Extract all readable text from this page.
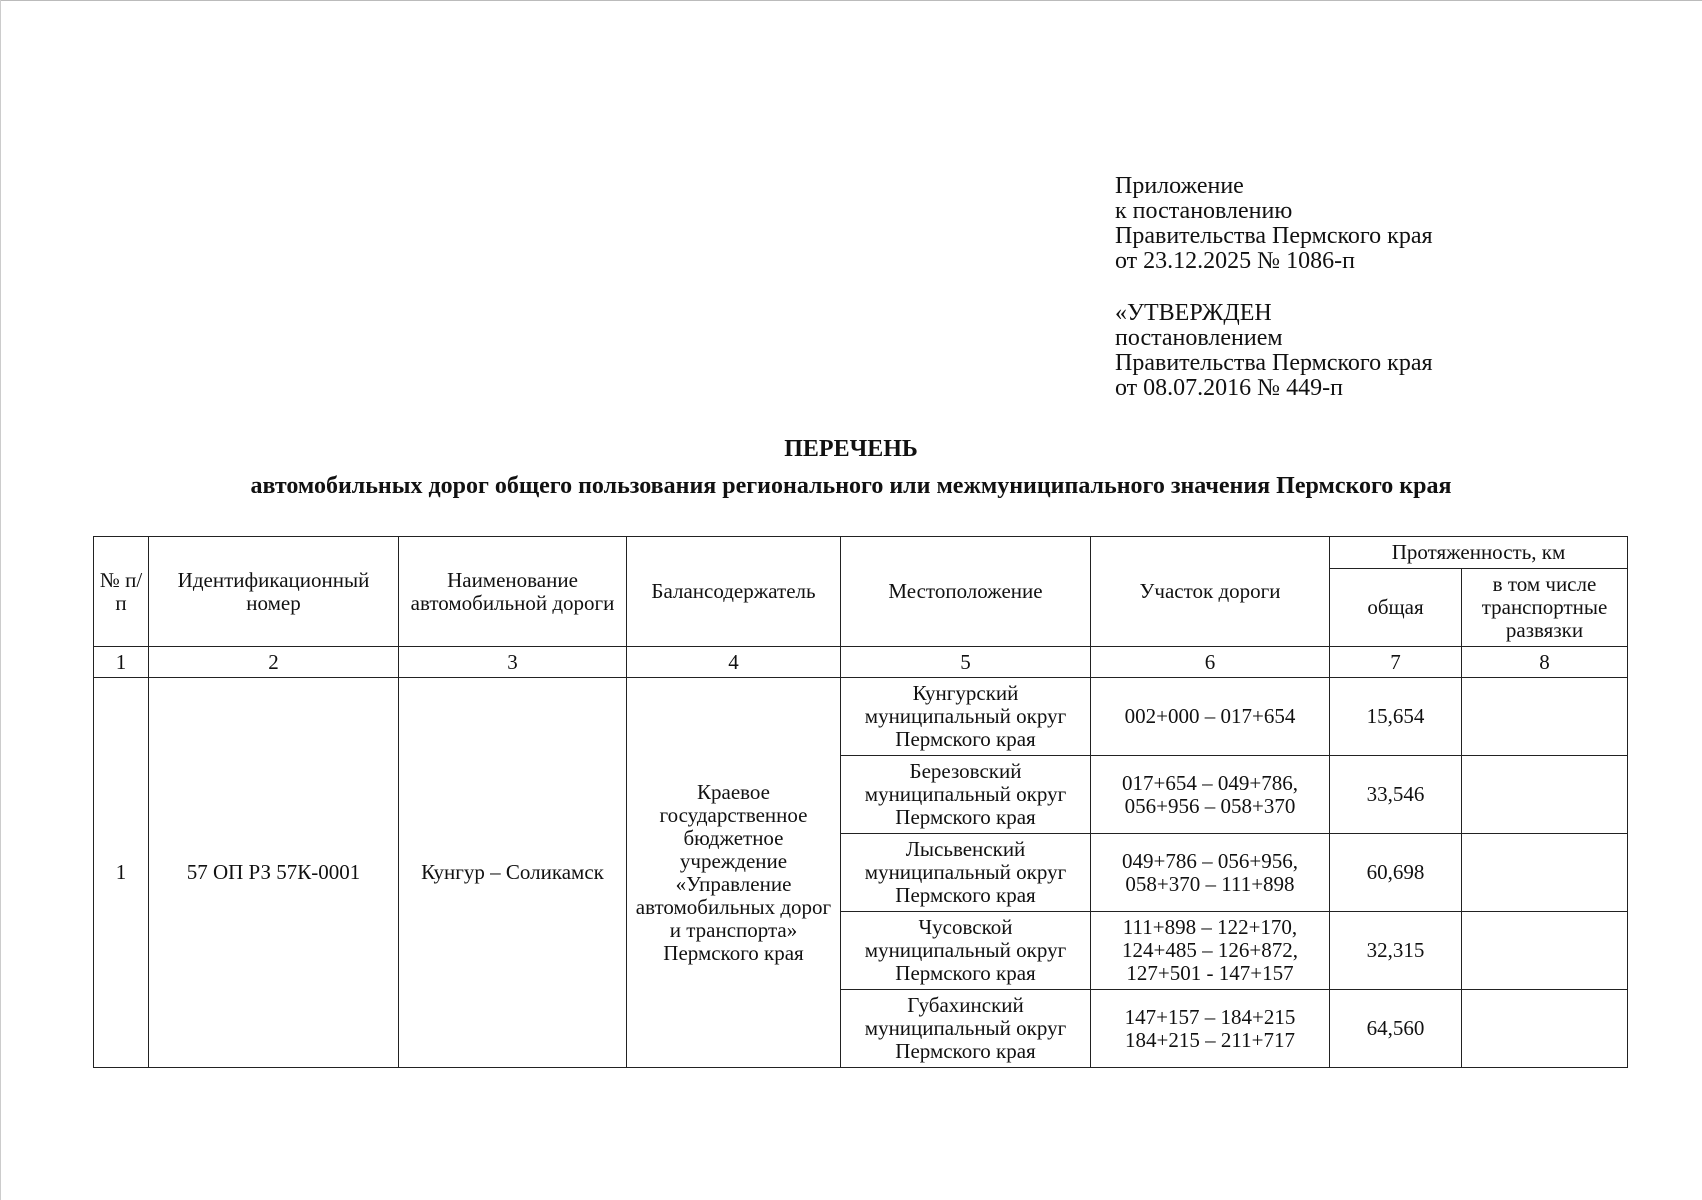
Приложение
к постановлению
Правительства Пермского края
от 23.12.2025 № 1086-п
«УТВЕРЖДЕН
постановлением
Правительства Пермского края
от 08.07.2016 № 449-п
ПЕРЕЧЕНЬ
автомобильных дорог общего пользования регионального или межмуниципального значения Пермского края
№ п/п	Идентификационный номер	Наименование автомобильной дороги	Балансодержатель	Местоположение	Участок дороги	Протяженность, км	
						общая	в том числе транспортные развязки
1	2	3	4	5	6	7	8
1	57 ОП РЗ 57К-0001	Кунгур – Соликамск	Краевое государственное бюджетное учреждение «Управление автомобильных дорог и транспорта» Пермского края	Кунгурский муниципальный округ Пермского края	002+000 – 017+654	15,654	
				Березовский муниципальный округ Пермского края	017+654 – 049+786, 056+956 – 058+370	33,546	
				Лысьвенский муниципальный округ Пермского края	049+786 – 056+956, 058+370 – 111+898	60,698	
				Чусовской муниципальный округ Пермского края	111+898 – 122+170, 124+485 – 126+872, 127+501 - 147+157	32,315	
				Губахинский муниципальный округ Пермского края	147+157 – 184+215 184+215 – 211+717	64,560	
